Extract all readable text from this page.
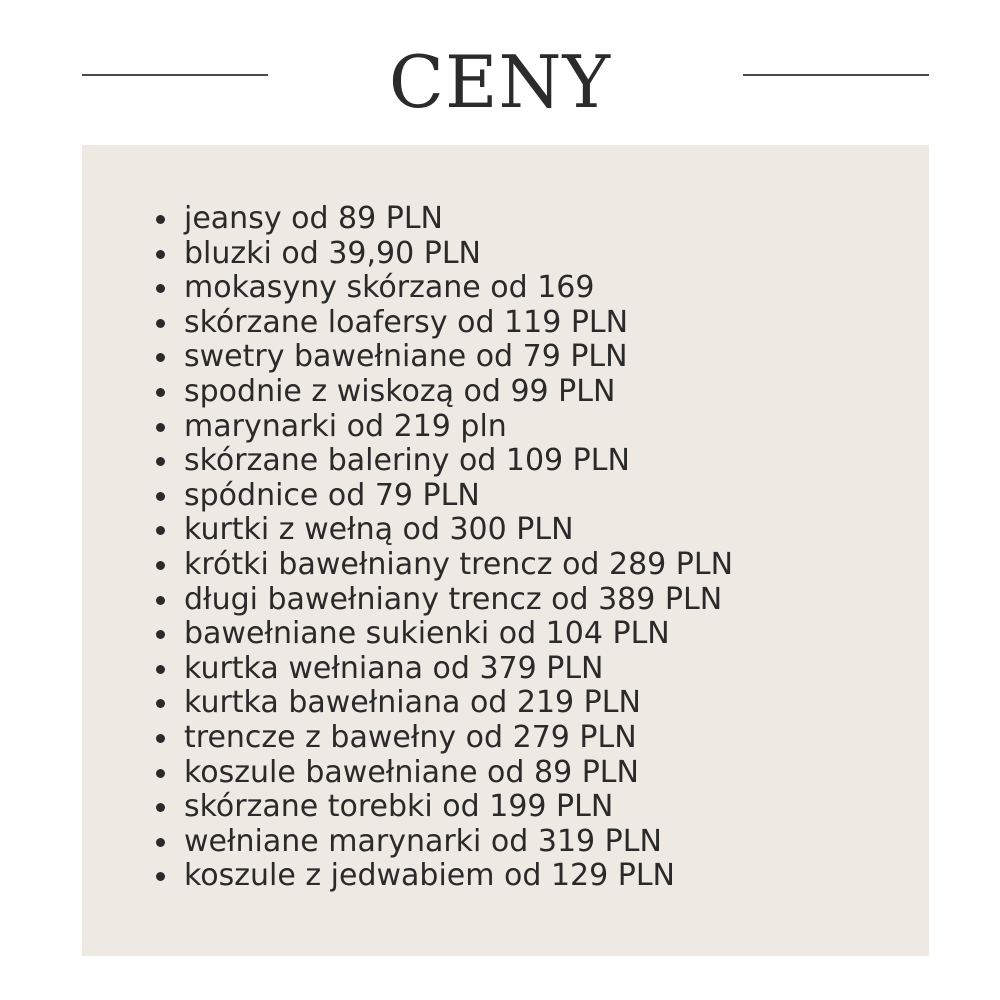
CENY
jeansy od 89 PLN
bluzki od 39,90 PLN
mokasyny skórzane od 169
skórzane loafersy od 119 PLN
swetry bawełniane od 79 PLN
spodnie z wiskozą od 99 PLN
marynarki od 219 pln
skórzane baleriny od 109 PLN
spódnice od 79 PLN
kurtki z wełną od 300 PLN
krótki bawełniany trencz od 289 PLN
długi bawełniany trencz od 389 PLN
bawełniane sukienki od 104 PLN
kurtka wełniana od 379 PLN
kurtka bawełniana od 219 PLN
trencze z bawełny od 279 PLN
koszule bawełniane od 89 PLN
skórzane torebki od 199 PLN
wełniane marynarki od 319 PLN
koszule z jedwabiem od 129 PLN
